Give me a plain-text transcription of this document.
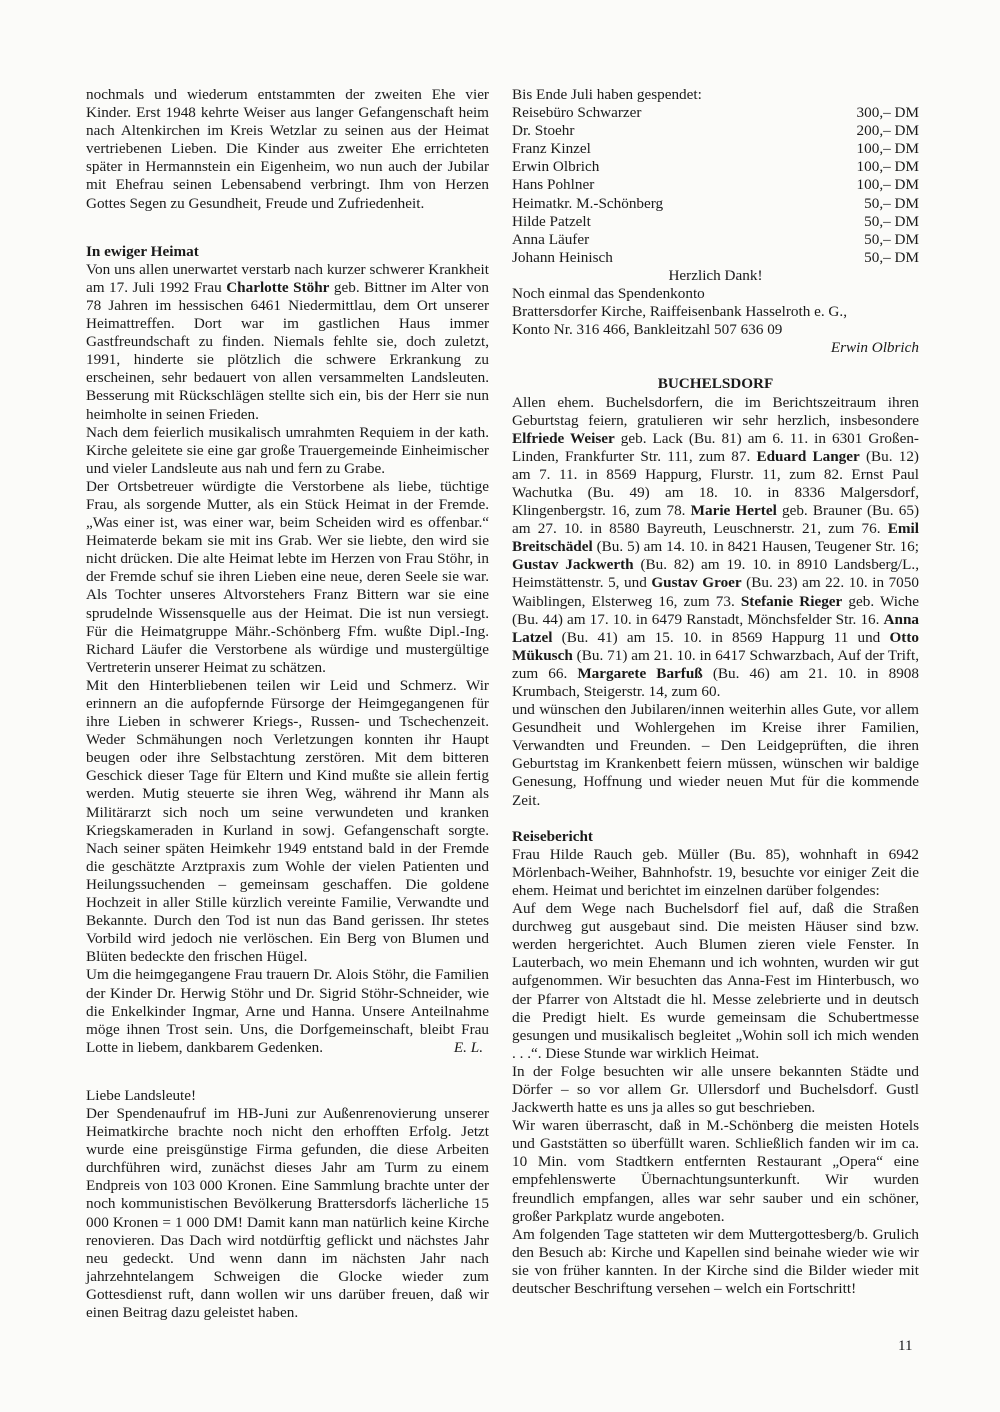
nochmals und wiederum entstammten der zweiten Ehe vier Kinder. Erst 1948 kehrte Weiser aus langer Gefangenschaft heim nach Altenkirchen im Kreis Wetzlar zu seinen aus der Heimat vertriebenen Lieben. Die Kinder aus zweiter Ehe errichteten später in Hermannstein ein Eigenheim, wo nun auch der Jubilar mit Ehefrau seinen Lebensabend verbringt. Ihm von Herzen Gottes Segen zu Gesundheit, Freude und Zufriedenheit.

In ewiger Heimat

Von uns allen unerwartet verstarb nach kurzer schwerer Krankheit am 17. Juli 1992 Frau Charlotte Stöhr geb. Bittner im Alter von 78 Jahren im hessischen 6461 Niedermittlau, dem Ort unserer Heimattreffen. Dort war im gastlichen Haus immer Gastfreundschaft zu finden. Niemals fehlte sie, doch zuletzt, 1991, hinderte sie plötzlich die schwere Erkrankung zu erscheinen, sehr bedauert von allen versammelten Landsleuten. Besserung mit Rückschlägen stellte sich ein, bis der Herr sie nun heimholte in seinen Frieden.

Nach dem feierlich musikalisch umrahmten Requiem in der kath. Kirche geleitete sie eine gar große Trauergemeinde Einheimischer und vieler Landsleute aus nah und fern zu Grabe.

Der Ortsbetreuer würdigte die Verstorbene als liebe, tüchtige Frau, als sorgende Mutter, als ein Stück Heimat in der Fremde. „Was einer ist, was einer war, beim Scheiden wird es offenbar.“ Heimaterde bekam sie mit ins Grab. Wer sie liebte, den wird sie nicht drücken. Die alte Heimat lebte im Herzen von Frau Stöhr, in der Fremde schuf sie ihren Lieben eine neue, deren Seele sie war. Als Tochter unseres Altvorstehers Franz Bittern war sie eine sprudelnde Wissensquelle aus der Heimat. Die ist nun versiegt. Für die Heimatgruppe Mähr.-Schönberg Ffm. wußte Dipl.-Ing. Richard Läufer die Verstorbene als würdige und mustergültige Vertreterin unserer Heimat zu schätzen.

Mit den Hinterbliebenen teilen wir Leid und Schmerz. Wir erinnern an die aufopfernde Fürsorge der Heimgegangenen für ihre Lieben in schwerer Kriegs-, Russen- und Tschechenzeit. Weder Schmähungen noch Verletzungen konnten ihr Haupt beugen oder ihre Selbstachtung zerstören. Mit dem bitteren Geschick dieser Tage für Eltern und Kind mußte sie allein fertig werden. Mutig steuerte sie ihren Weg, während ihr Mann als Militärarzt sich noch um seine verwundeten und kranken Kriegskameraden in Kurland in sowj. Gefangenschaft sorgte. Nach seiner späten Heimkehr 1949 entstand bald in der Fremde die geschätzte Arztpraxis zum Wohle der vielen Patienten und Heilungssuchenden – gemeinsam geschaffen. Die goldene Hochzeit in aller Stille kürzlich vereinte Familie, Verwandte und Bekannte. Durch den Tod ist nun das Band gerissen. Ihr stetes Vorbild wird jedoch nie verlöschen. Ein Berg von Blumen und Blüten bedeckte den frischen Hügel.

Um die heimgegangene Frau trauern Dr. Alois Stöhr, die Familien der Kinder Dr. Herwig Stöhr und Dr. Sigrid Stöhr-Schneider, wie die Enkelkinder Ingmar, Arne und Hanna. Unsere Anteilnahme möge ihnen Trost sein. Uns, die Dorfgemeinschaft, bleibt Frau Lotte in liebem, dankbarem Gedenken.	E. L.

Liebe Landsleute!

Der Spendenaufruf im HB-Juni zur Außenrenovierung unserer Heimatkirche brachte noch nicht den erhofften Erfolg. Jetzt wurde eine preisgünstige Firma gefunden, die diese Arbeiten durchführen wird, zunächst dieses Jahr am Turm zu einem Endpreis von 103 000 Kronen. Eine Sammlung brachte unter der noch kommunistischen Bevölkerung Brattersdorfs lächerliche 15 000 Kronen = 1 000 DM! Damit kann man natürlich keine Kirche renovieren. Das Dach wird notdürftig geflickt und nächstes Jahr neu gedeckt. Und wenn dann im nächsten Jahr nach jahrzehntelangem Schweigen die Glocke wieder zum Gottesdienst ruft, dann wollen wir uns darüber freuen, daß wir einen Beitrag dazu geleistet haben.

Bis Ende Juli haben gespendet:

Reisebüro Schwarzer	300,– DM
Dr. Stoehr	200,– DM
Franz Kinzel	100,– DM
Erwin Olbrich	100,– DM
Hans Pohlner	100,– DM
Heimatkr. M.-Schönberg	50,– DM
Hilde Patzelt	50,– DM
Anna Läufer	50,– DM
Johann Heinisch	50,– DM

Herzlich Dank!

Noch einmal das Spendenkonto

Brattersdorfer Kirche, Raiffeisenbank Hasselroth e. G.,

Konto Nr. 316 466, Bankleitzahl 507 636 09

Erwin Olbrich

BUCHELSDORF

Allen ehem. Buchelsdorfern, die im Berichtszeitraum ihren Geburtstag feiern, gratulieren wir sehr herzlich, insbesondere Elfriede Weiser geb. Lack (Bu. 81) am 6. 11. in 6301 Großen-Linden, Frankfurter Str. 111, zum 87. Eduard Langer (Bu. 12) am 7. 11. in 8569 Happurg, Flurstr. 11, zum 82. Ernst Paul Wachutka (Bu. 49) am 18. 10. in 8336 Malgersdorf, Klingenbergstr. 16, zum 78. Marie Hertel geb. Brauner (Bu. 65) am 27. 10. in 8580 Bayreuth, Leuschnerstr. 21, zum 76. Emil Breitschädel (Bu. 5) am 14. 10. in 8421 Hausen, Teugener Str. 16; Gustav Jackwerth (Bu. 82) am 19. 10. in 8910 Landsberg/L., Heimstättenstr. 5, und Gustav Groer (Bu. 23) am 22. 10. in 7050 Waiblingen, Elsterweg 16, zum 73. Stefanie Rieger geb. Wiche (Bu. 44) am 17. 10. in 6479 Ranstadt, Mönchsfelder Str. 16. Anna Latzel (Bu. 41) am 15. 10. in 8569 Happurg 11 und Otto Mükusch (Bu. 71) am 21. 10. in 6417 Schwarzbach, Auf der Trift, zum 66. Margarete Barfuß (Bu. 46) am 21. 10. in 8908 Krumbach, Steigerstr. 14, zum 60.

und wünschen den Jubilaren/innen weiterhin alles Gute, vor allem Gesundheit und Wohlergehen im Kreise ihrer Familien, Verwandten und Freunden. – Den Leidgeprüften, die ihren Geburtstag im Krankenbett feiern müssen, wünschen wir baldige Genesung, Hoffnung und wieder neuen Mut für die kommende Zeit.

Reisebericht

Frau Hilde Rauch geb. Müller (Bu. 85), wohnhaft in 6942 Mörlenbach-Weiher, Bahnhofstr. 19, besuchte vor einiger Zeit die ehem. Heimat und berichtet im einzelnen darüber folgendes:

Auf dem Wege nach Buchelsdorf fiel auf, daß die Straßen durchweg gut ausgebaut sind. Die meisten Häuser sind bzw. werden hergerichtet. Auch Blumen zieren viele Fenster. In Lauterbach, wo mein Ehemann und ich wohnten, wurden wir gut aufgenommen. Wir besuchten das Anna-Fest im Hinterbusch, wo der Pfarrer von Altstadt die hl. Messe zelebrierte und in deutsch die Predigt hielt. Es wurde gemeinsam die Schubertmesse gesungen und musikalisch begleitet „Wohin soll ich mich wenden . . .“. Diese Stunde war wirklich Heimat.

In der Folge besuchten wir alle unsere bekannten Städte und Dörfer – so vor allem Gr. Ullersdorf und Buchelsdorf. Gustl Jackwerth hatte es uns ja alles so gut beschrieben.

Wir waren überrascht, daß in M.-Schönberg die meisten Hotels und Gaststätten so überfüllt waren. Schließlich fanden wir im ca. 10 Min. vom Stadtkern entfernten Restaurant „Opera“ eine empfehlenswerte Übernachtungsunterkunft. Wir wurden freundlich empfangen, alles war sehr sauber und ein schöner, großer Parkplatz wurde angeboten.

Am folgenden Tage statteten wir dem Muttergottesberg/b. Grulich den Besuch ab: Kirche und Kapellen sind beinahe wieder wie wir sie von früher kannten. In der Kirche sind die Bilder wieder mit deutscher Beschriftung versehen – welch ein Fortschritt!

11
